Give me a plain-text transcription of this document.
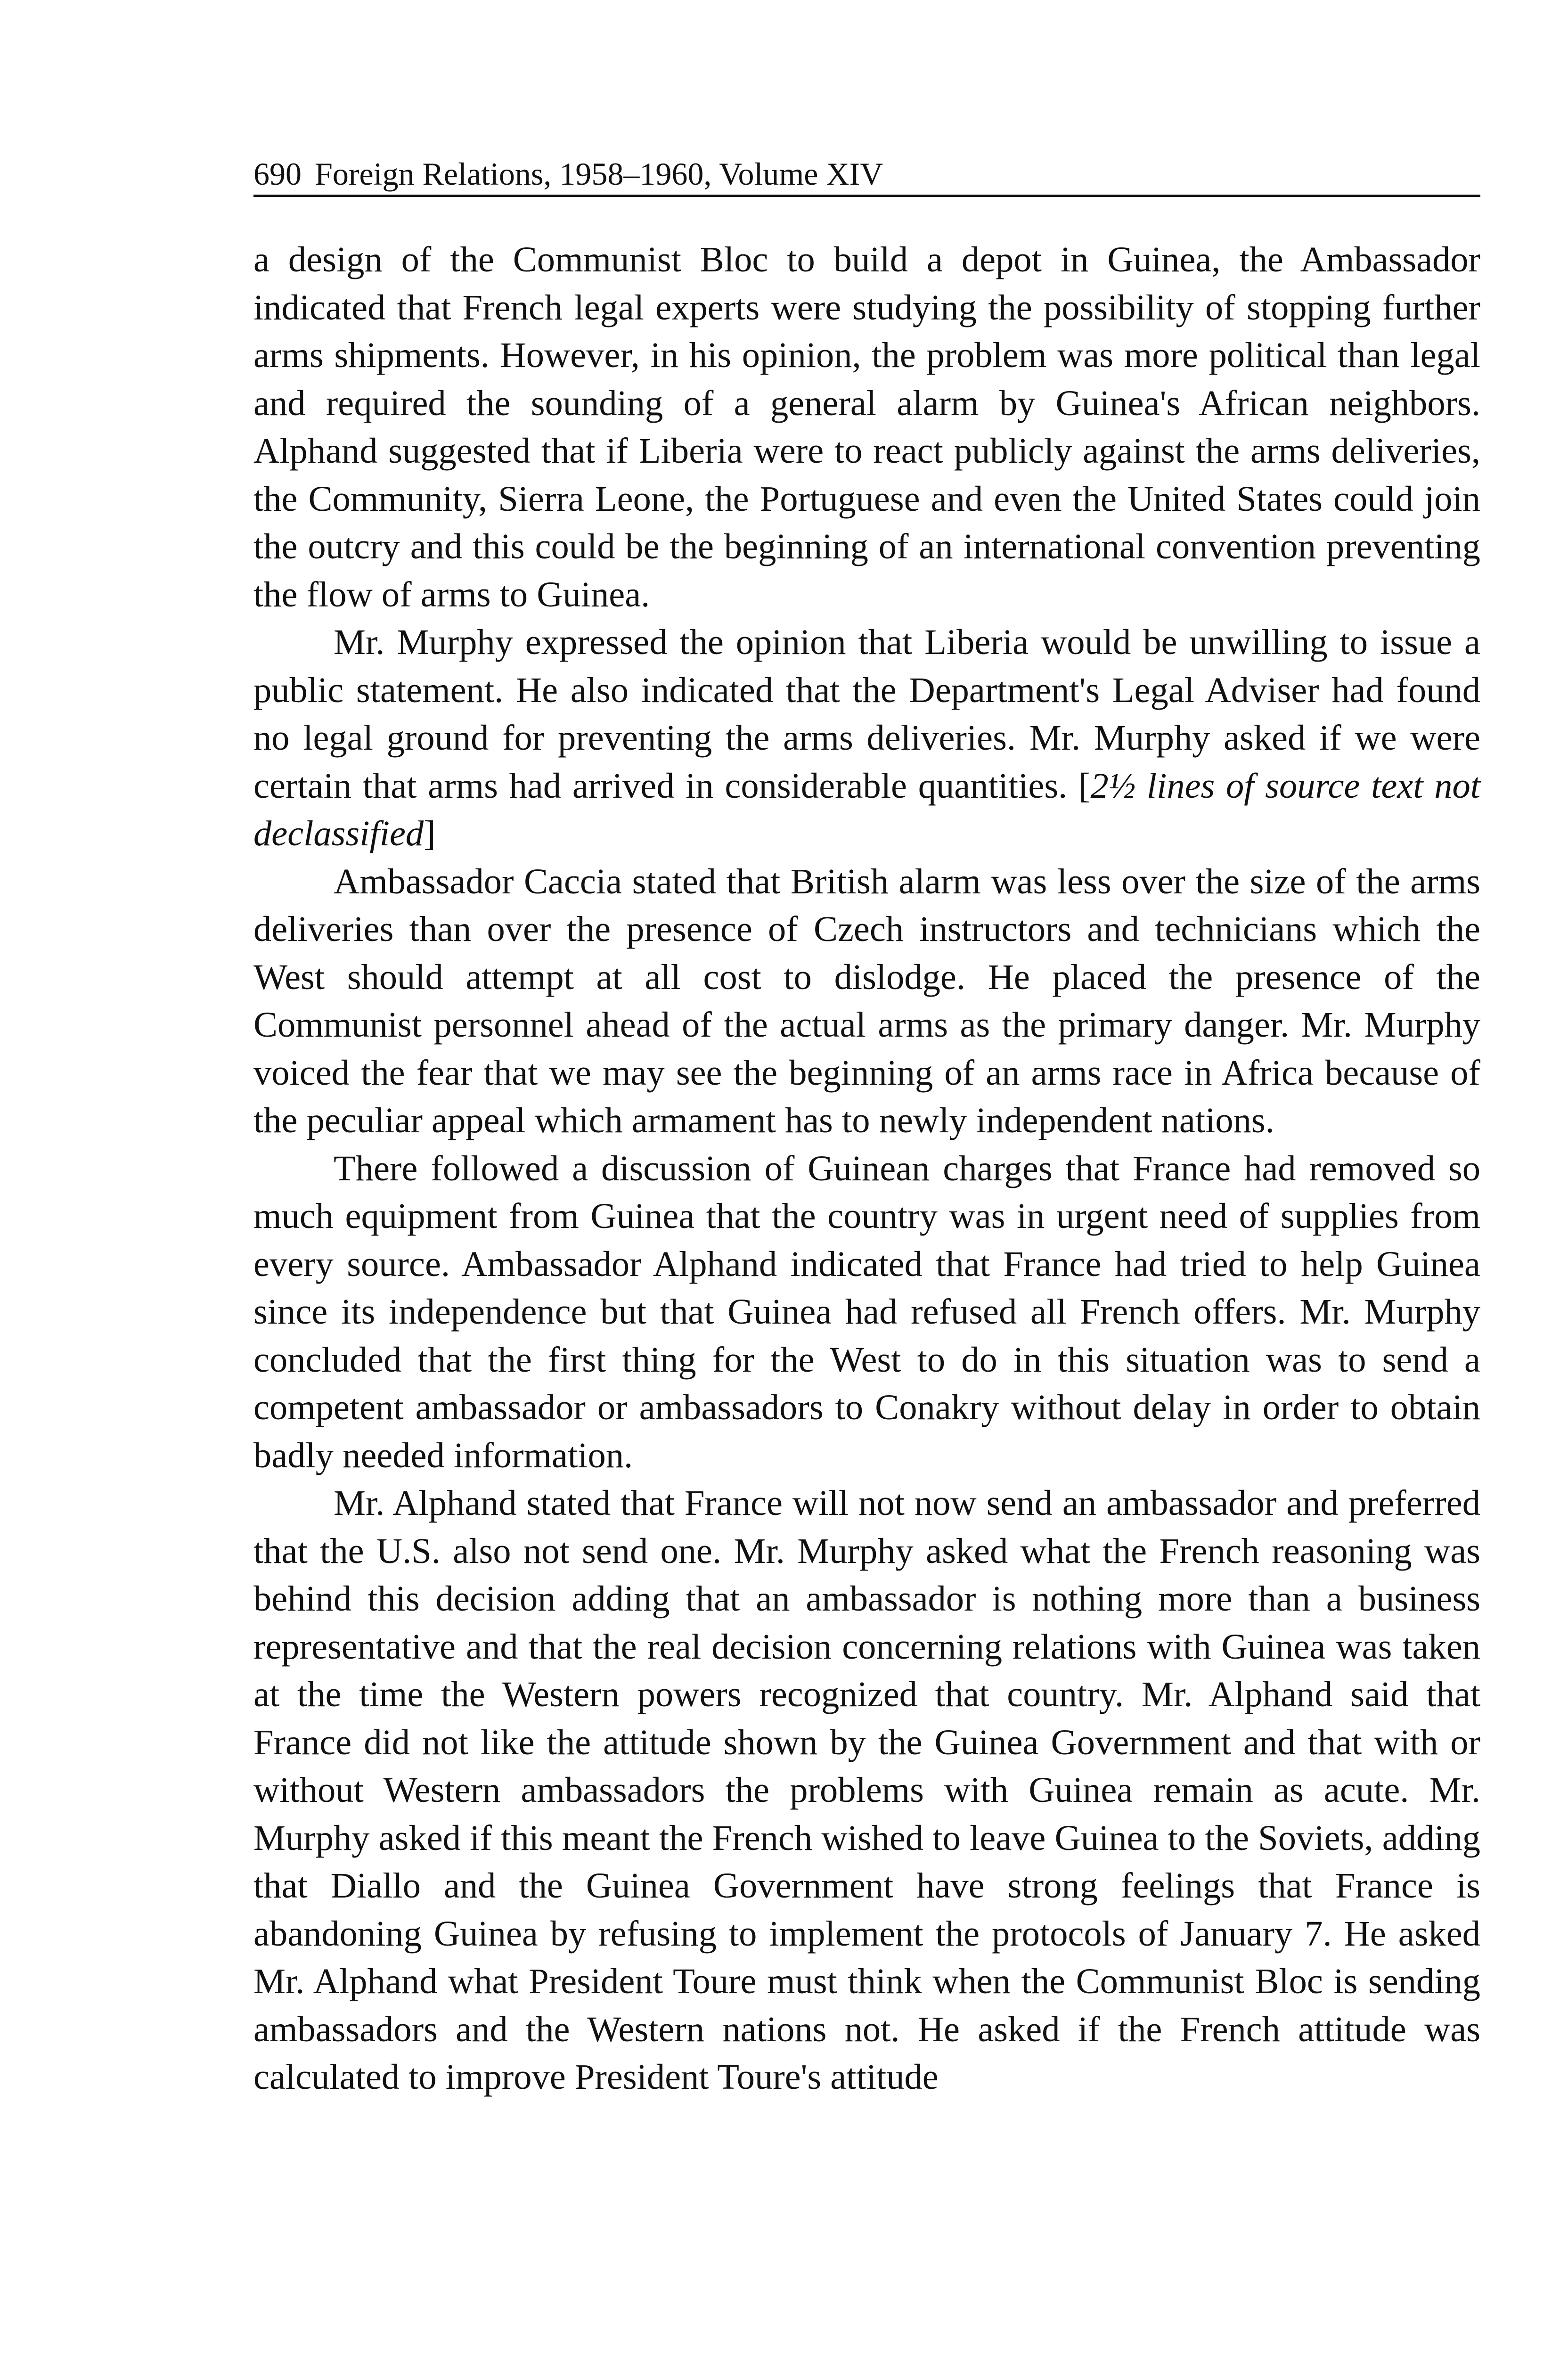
690 Foreign Relations, 1958–1960, Volume XIV

a design of the Communist Bloc to build a depot in Guinea, the Ambassador indicated that French legal experts were studying the possibility of stopping further arms shipments. However, in his opinion, the problem was more political than legal and required the sounding of a general alarm by Guinea's African neighbors. Alphand suggested that if Liberia were to react publicly against the arms deliveries, the Community, Sierra Leone, the Portuguese and even the United States could join the outcry and this could be the beginning of an international convention preventing the flow of arms to Guinea.

Mr. Murphy expressed the opinion that Liberia would be unwilling to issue a public statement. He also indicated that the Department's Legal Adviser had found no legal ground for preventing the arms deliveries. Mr. Murphy asked if we were certain that arms had arrived in considerable quantities. [2½ lines of source text not declassified]

Ambassador Caccia stated that British alarm was less over the size of the arms deliveries than over the presence of Czech instructors and technicians which the West should attempt at all cost to dislodge. He placed the presence of the Communist personnel ahead of the actual arms as the primary danger. Mr. Murphy voiced the fear that we may see the beginning of an arms race in Africa because of the peculiar appeal which armament has to newly independent nations.

There followed a discussion of Guinean charges that France had removed so much equipment from Guinea that the country was in urgent need of supplies from every source. Ambassador Alphand indicated that France had tried to help Guinea since its independence but that Guinea had refused all French offers. Mr. Murphy concluded that the first thing for the West to do in this situation was to send a competent ambassador or ambassadors to Conakry without delay in order to obtain badly needed information.

Mr. Alphand stated that France will not now send an ambassador and preferred that the U.S. also not send one. Mr. Murphy asked what the French reasoning was behind this decision adding that an ambassador is nothing more than a business representative and that the real decision concerning relations with Guinea was taken at the time the Western powers recognized that country. Mr. Alphand said that France did not like the attitude shown by the Guinea Government and that with or without Western ambassadors the problems with Guinea remain as acute. Mr. Murphy asked if this meant the French wished to leave Guinea to the Soviets, adding that Diallo and the Guinea Government have strong feelings that France is abandoning Guinea by refusing to implement the protocols of January 7. He asked Mr. Alphand what President Toure must think when the Communist Bloc is sending ambassadors and the Western nations not. He asked if the French attitude was calculated to improve President Toure's attitude
